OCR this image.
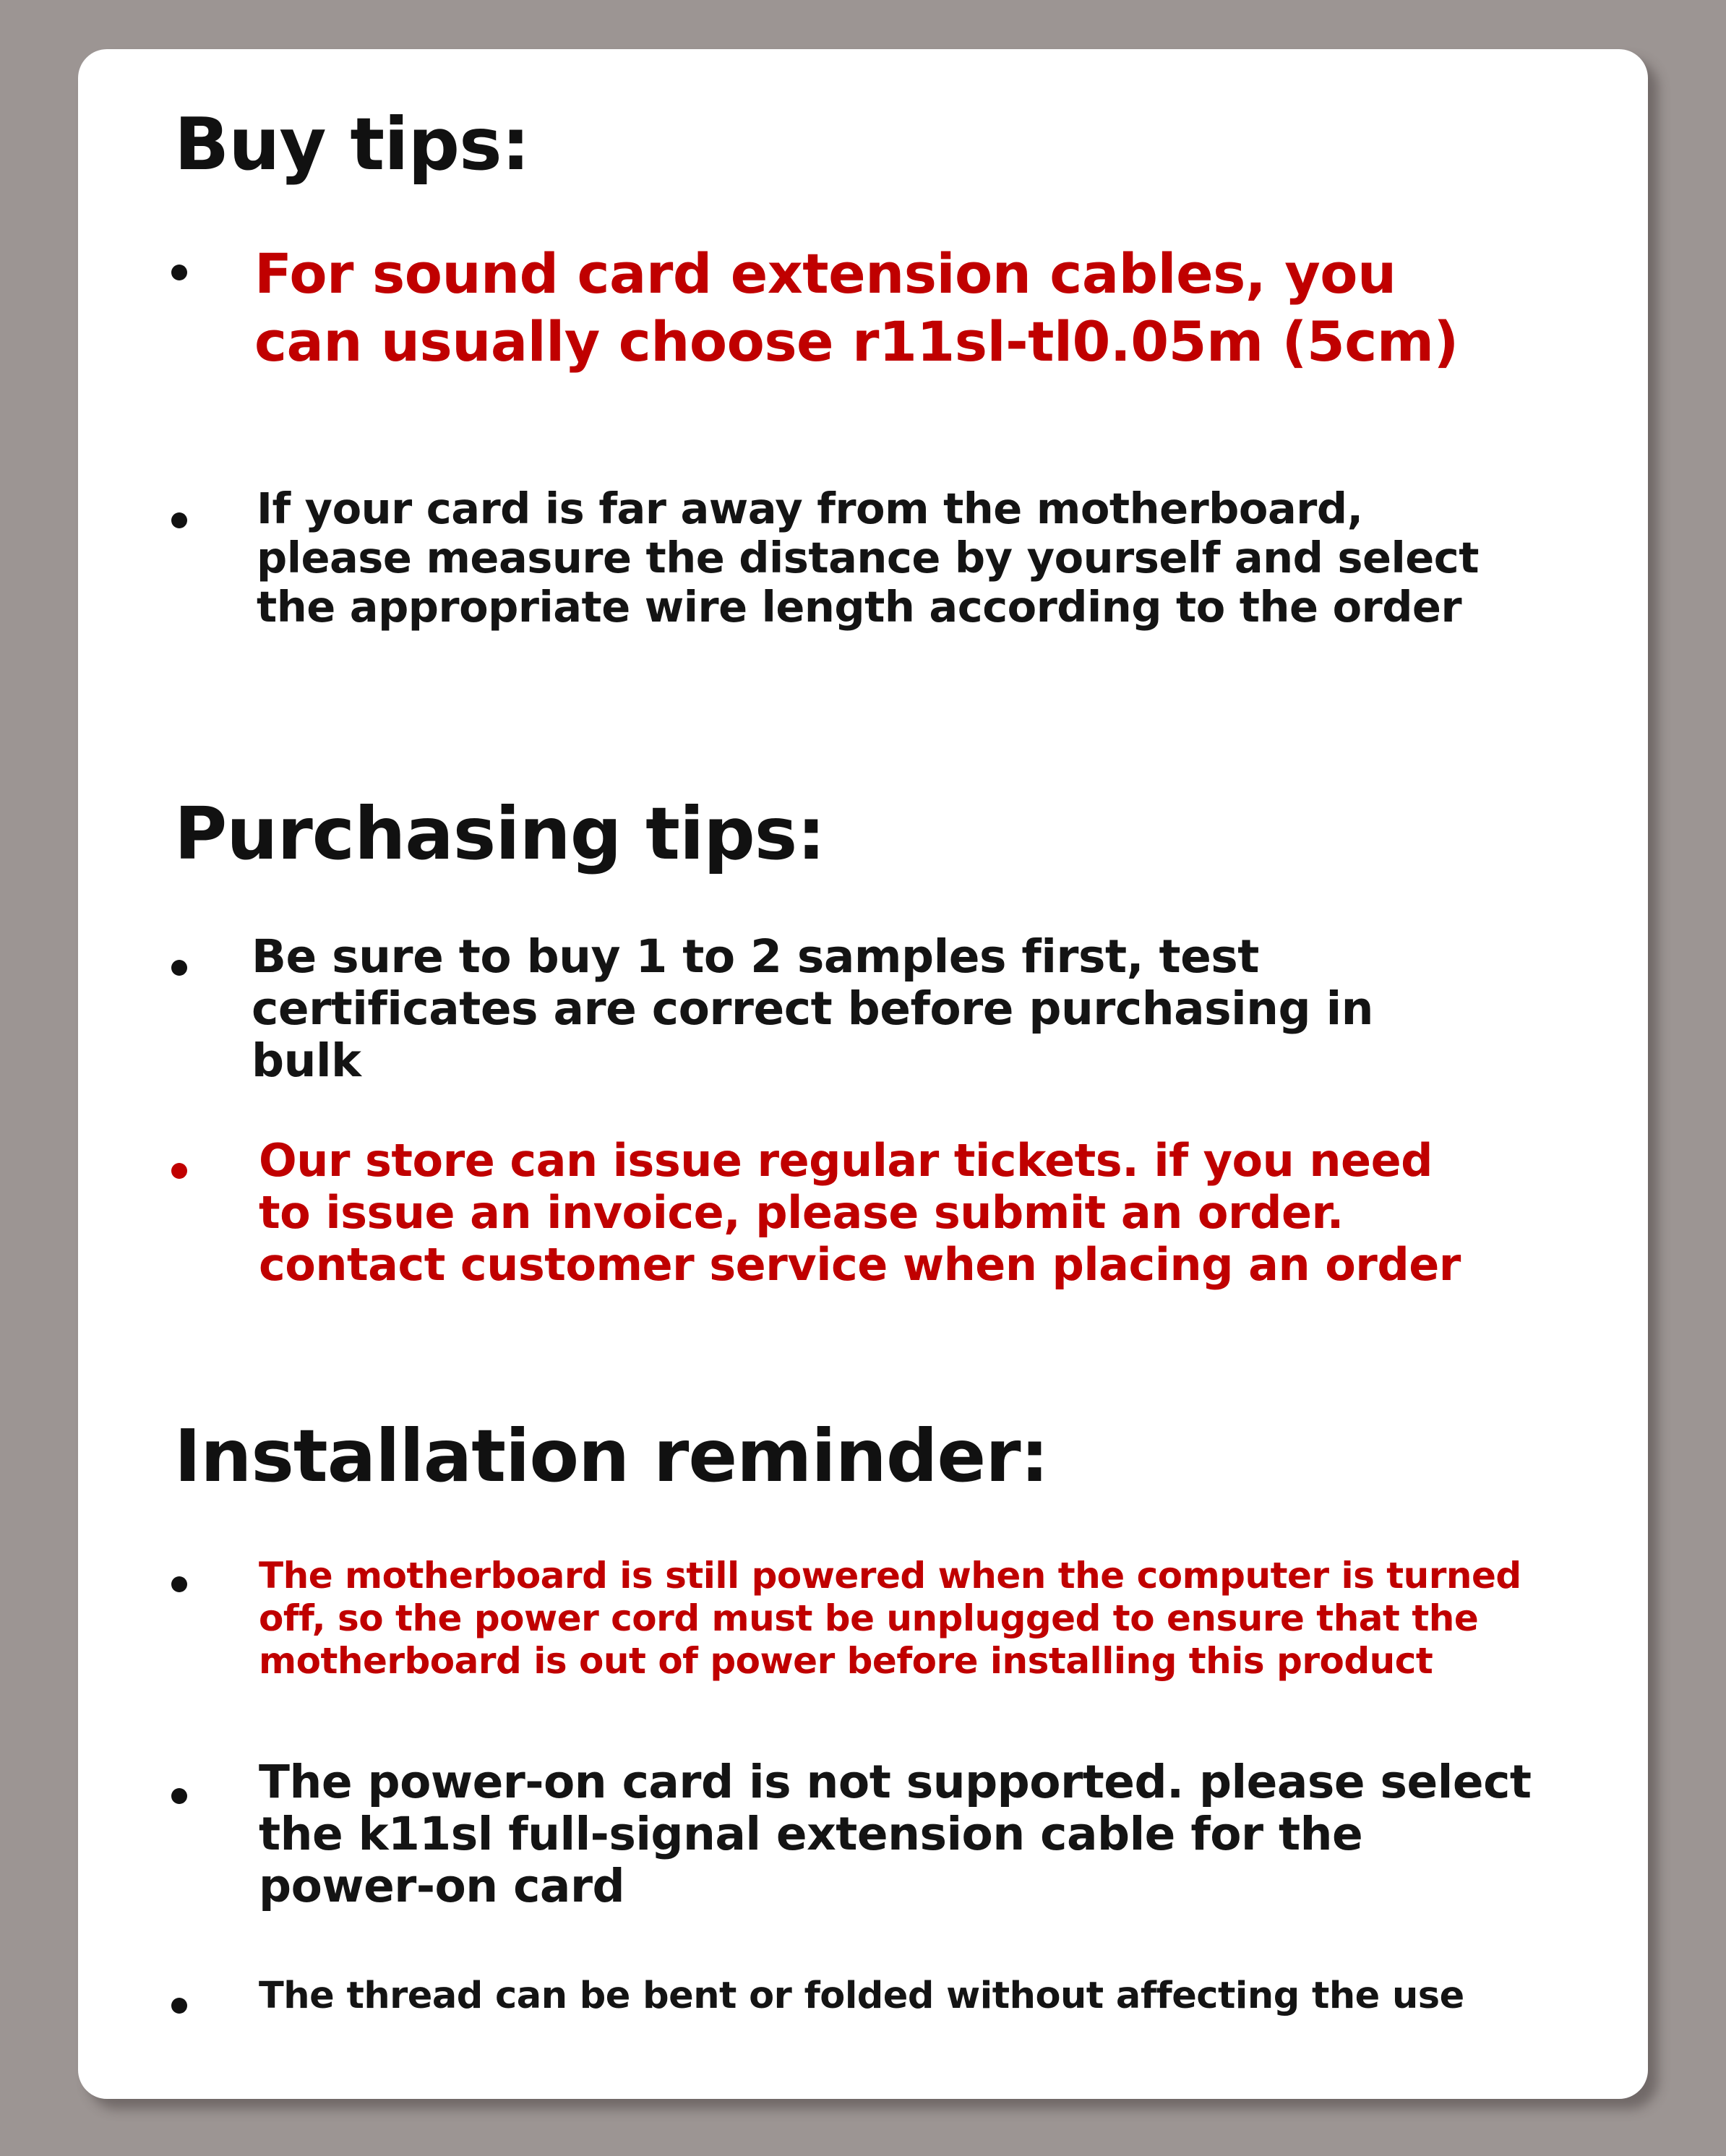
Buy tips:

For sound card extension cables, you
can usually choose r11sl-tl0.05m (5cm)

If your card is far away from the motherboard,
please measure the distance by yourself and select
the appropriate wire length according to the order

Purchasing tips:

Be sure to buy 1 to 2 samples first, test
certificates are correct before purchasing in
bulk

Our store can issue regular tickets. if you need
to issue an invoice, please submit an order.
contact customer service when placing an order

Installation reminder:

The motherboard is still powered when the computer is turned
off, so the power cord must be unplugged to ensure that the
motherboard is out of power before installing this product

The power-on card is not supported. please select
the k11sl full-signal extension cable for the
power-on card

The thread can be bent or folded without affecting the use
